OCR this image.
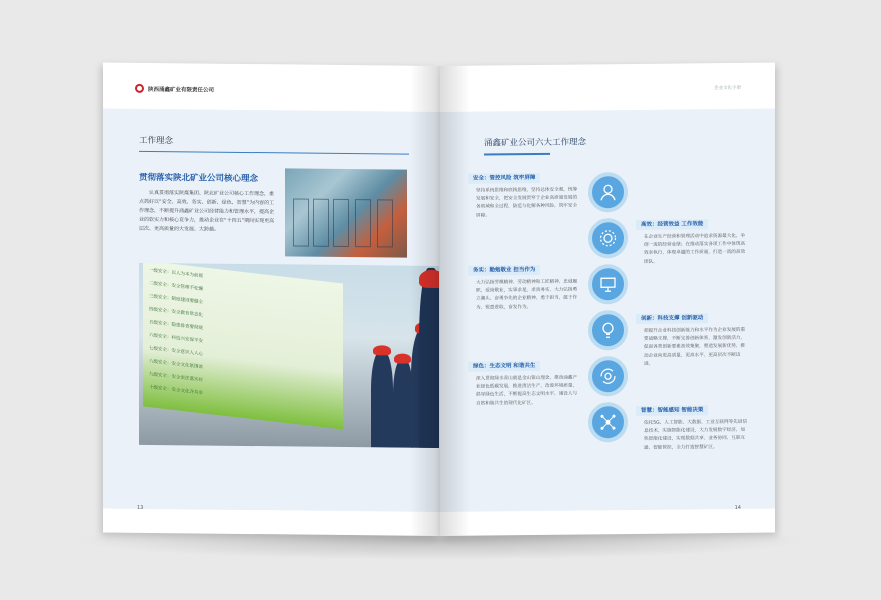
陕西涌鑫矿业有限责任公司
工作理念
贯彻落实陕北矿业公司核心理念
认真贯彻落实陕煤集团、陕北矿业公司核心工作理念，重点抓好以“安全、高效、务实、创新、绿色、智慧”为内容的工作理念，不断提升涌鑫矿业公司经营能力和管理水平，提高企业的软实力和核心竞争力，推动企业在“十四五”期间实现更高层次、更高质量的大发展、大跨越。
一级安全：以人为本为前提
二级安全：安全管理不松懈
三级安全：制度建设要健全
四级安全：安全教育常态化
五级安全：隐患排查要彻底
六级安全：科技兴安保平安
七级安全：安全意识入人心
八级安全：安全文化氛围浓
九级安全：安全责任落实好
十级安全：安全文化齐共享
13
企业文化手册
涌鑫矿业公司六大工作理念
安全：管控风险 筑牢屏障
坚持系统思维和底线思维，坚持总体安全观，统筹发展和安全，把安全发展贯穿于企业高质量发展的各领域和全过程，防范与化解各种风险，筑牢安全屏障。
务实：勤勉敬业 担当作为
大力弘扬劳模精神、劳动精神和工匠精神，忠诚履职，爱岗敬业，实事求是，求真务实，大力弘扬勇立潮头、奋勇争先的企业精神，勇于担当，敢于作为，锐意进取，奋发作为。
绿色：生态文明 和谐共生
深入贯彻绿水青山就是金山银山理念，推动涌鑫产业绿色低碳发展，推进清洁生产，改善环境质量，倡导绿色生活，不断提高生态文明水平，建设人与自然和谐共生的现代化矿区。
高效：经营效益 工作效能
在企业生产经营和管理活动中追求资源最大化，争创一流的经营业绩；在推动落实各项工作中体现高效率执行，体现卓越的工作质量，打造一流的高效团队。
创新：科技支撑 创新驱动
把提升企业科技创新能力和水平作为企业发展的重要战略支撑，不断完善创新体系，激发创新活力，促进各类创新要素高效集聚，塑造发展新优势，推动企业向更高质量、更高水平、更高层次不断迈进。
智慧：智能感知 智能决策
依托5G、人工智能、大数据、工业互联网等先进信息技术，实施智能化建设，大力发展数字经济，加快智能化建设，实现数据共享、业务协同、互联互通、智能管控，全力打造智慧矿区。
14
